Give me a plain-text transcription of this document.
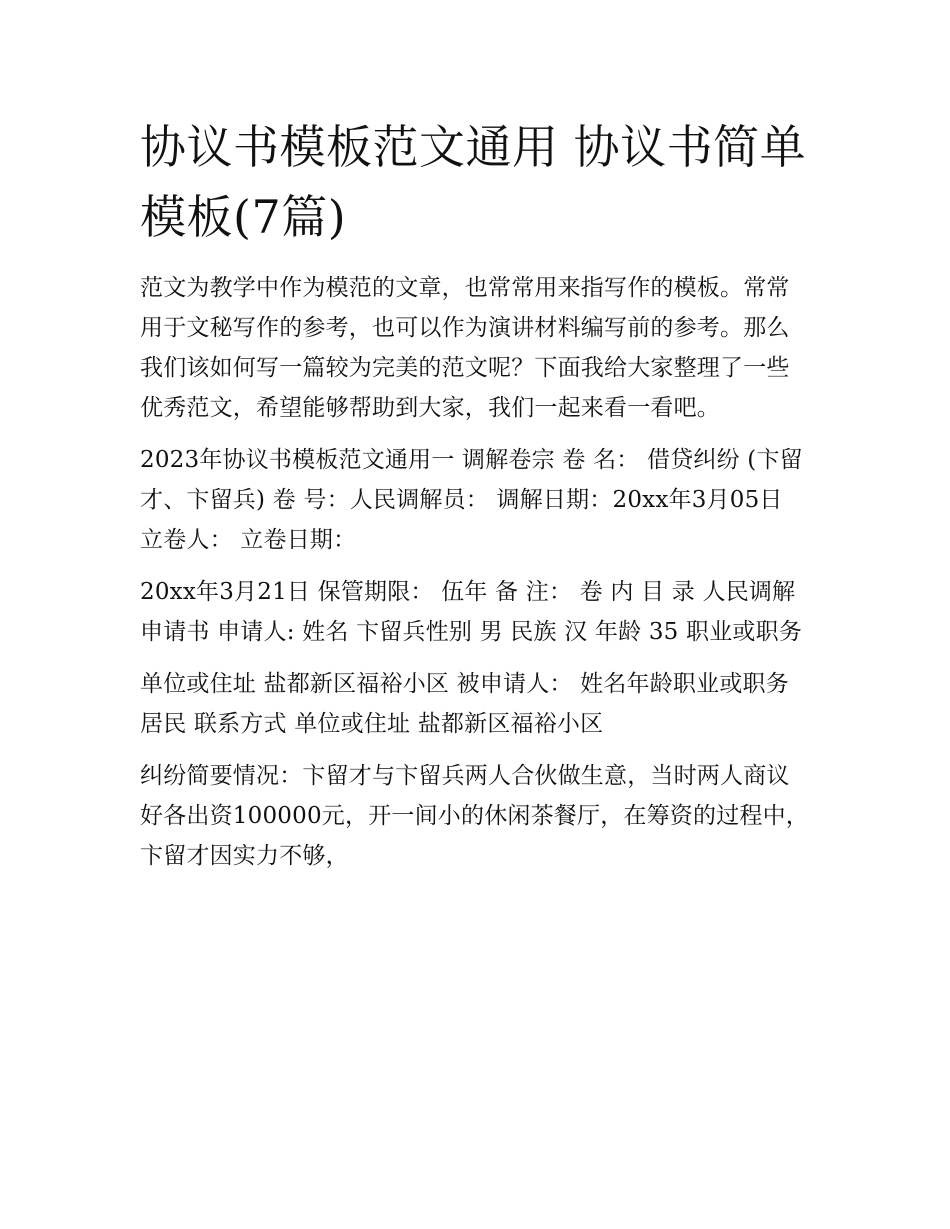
协议书模板范文通用 协议书简单模板(7篇)

范文为教学中作为模范的文章，也常常用来指写作的模板。常常用于文秘写作的参考，也可以作为演讲材料编写前的参考。那么我们该如何写一篇较为完美的范文呢？下面我给大家整理了一些优秀范文，希望能够帮助到大家，我们一起来看一看吧。

2023年协议书模板范文通用一 调解卷宗 卷 名： 借贷纠纷 (卞留才、卞留兵) 卷 号：人民调解员： 调解日期：20xx年3月05日 立卷人： 立卷日期：

20xx年3月21日 保管期限： 伍年 备 注： 卷 内 目 录 人民调解申请书 申请人: 姓名 卞留兵性别 男 民族 汉 年龄 35 职业或职务

单位或住址 盐都新区福裕小区 被申请人： 姓名年龄职业或职务居民 联系方式 单位或住址 盐都新区福裕小区

纠纷简要情况：卞留才与卞留兵两人合伙做生意，当时两人商议好各出资100000元，开一间小的休闲茶餐厅，在筹资的过程中，卞留才因实力不够，
